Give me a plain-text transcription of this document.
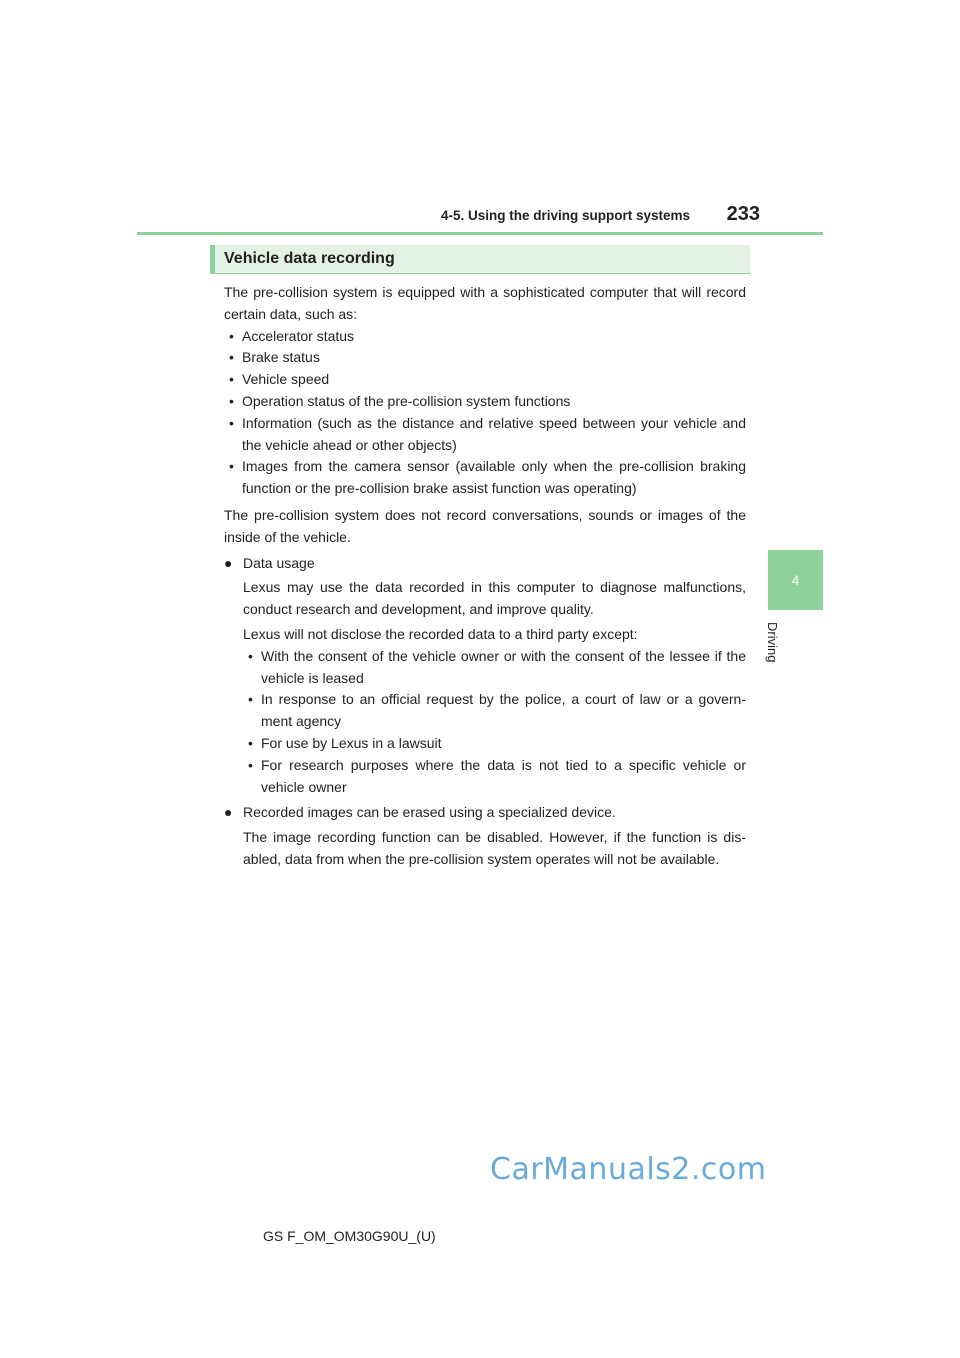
4-5. Using the driving support systems	233
4
Driving
Vehicle data recording

The pre-collision system is equipped with a sophisticated computer that will record certain data, such as:

• Accelerator status
• Brake status
• Vehicle speed
• Operation status of the pre-collision system functions
• Information (such as the distance and relative speed between your vehicle and the vehicle ahead or other objects)
• Images from the camera sensor (available only when the pre-collision braking function or the pre-collision brake assist function was operating)

The pre-collision system does not record conversations, sounds or images of the inside of the vehicle.

● Data usage

Lexus may use the data recorded in this computer to diagnose malfunctions, conduct research and development, and improve quality.

Lexus will not disclose the recorded data to a third party except:

• With the consent of the vehicle owner or with the consent of the lessee if the vehicle is leased
• In response to an official request by the police, a court of law or a govern-ment agency
• For use by Lexus in a lawsuit
• For research purposes where the data is not tied to a specific vehicle or vehicle owner
● Recorded images can be erased using a specialized device.

The image recording function can be disabled. However, if the function is dis-abled, data from when the pre-collision system operates will not be available.

CarManuals2.com
GS F_OM_OM30G90U_(U)
